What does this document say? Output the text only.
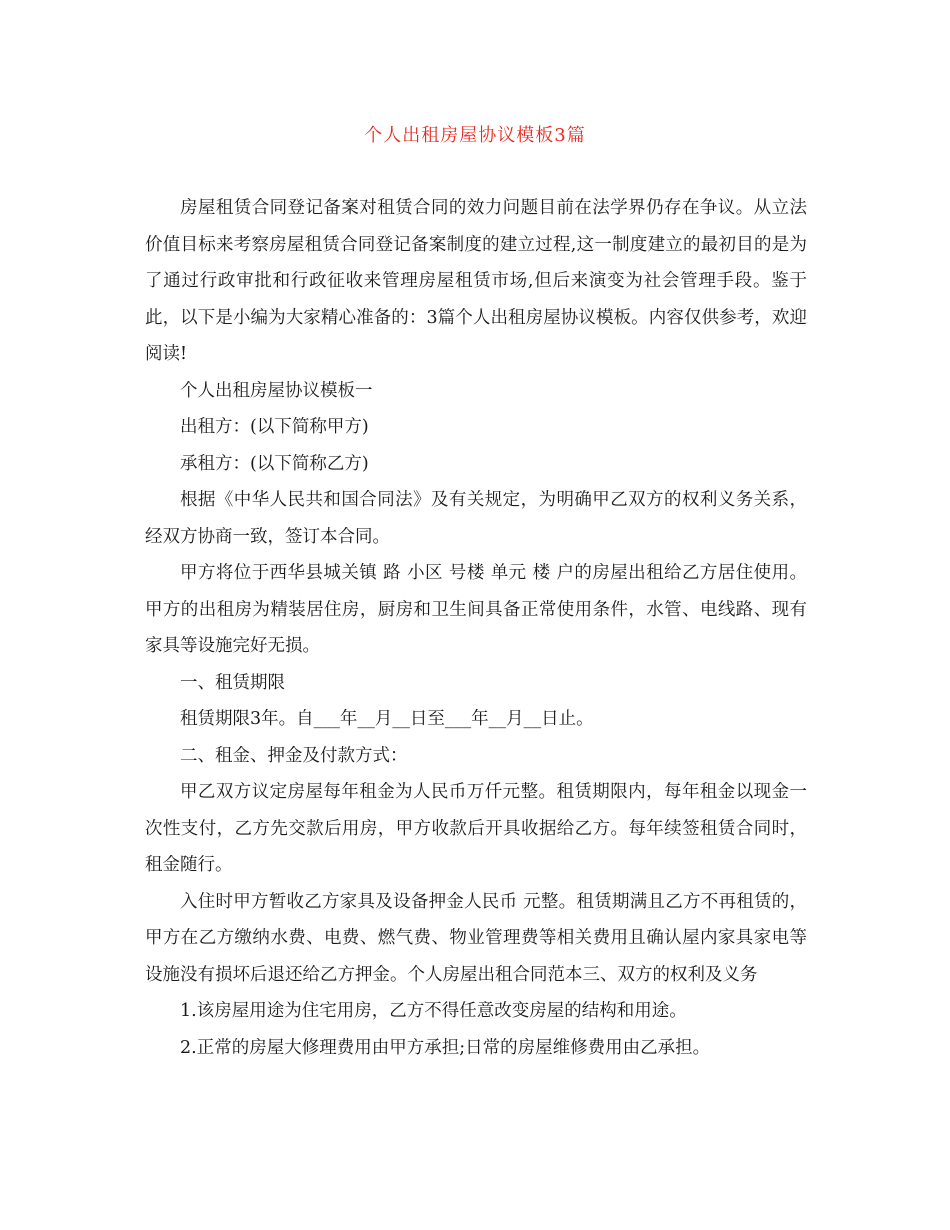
个人出租房屋协议模板3篇

房屋租赁合同登记备案对租赁合同的效力问题目前在法学界仍存在争议。从立法价值目标来考察房屋租赁合同登记备案制度的建立过程,这一制度建立的最初目的是为了通过行政审批和行政征收来管理房屋租赁市场,但后来演变为社会管理手段。鉴于此，以下是小编为大家精心准备的：3篇个人出租房屋协议模板。内容仅供参考，欢迎阅读!

个人出租房屋协议模板一

出租方：(以下简称甲方)

承租方：(以下简称乙方)

根据《中华人民共和国合同法》及有关规定，为明确甲乙双方的权利义务关系，经双方协商一致，签订本合同。

甲方将位于西华县城关镇 路 小区 号楼 单元 楼 户的房屋出租给乙方居住使用。甲方的出租房为精装居住房，厨房和卫生间具备正常使用条件，水管、电线路、现有家具等设施完好无损。

一、租赁期限

租赁期限3年。自___年__月__日至___年__月__日止。

二、租金、押金及付款方式：

甲乙双方议定房屋每年租金为人民币万仟元整。租赁期限内，每年租金以现金一次性支付，乙方先交款后用房，甲方收款后开具收据给乙方。每年续签租赁合同时，租金随行。

入住时甲方暂收乙方家具及设备押金人民币 元整。租赁期满且乙方不再租赁的，甲方在乙方缴纳水费、电费、燃气费、物业管理费等相关费用且确认屋内家具家电等设施没有损坏后退还给乙方押金。个人房屋出租合同范本三、双方的权利及义务

1.该房屋用途为住宅用房，乙方不得任意改变房屋的结构和用途。

2.正常的房屋大修理费用由甲方承担;日常的房屋维修费用由乙承担。
